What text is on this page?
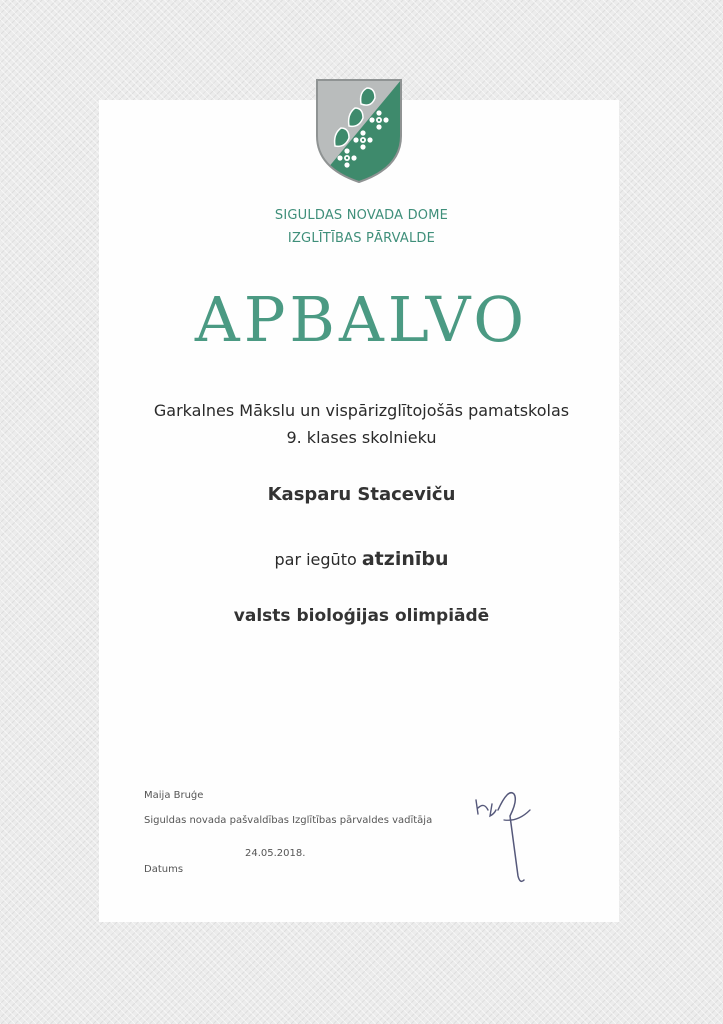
SIGULDAS NOVADA DOME
IZGLĪTĪBAS PĀRVALDE
APBALVO
Garkalnes Mākslu un vispārizglītojošās pamatskolas
9. klases skolnieku
Kasparu Staceviču
par iegūto atzinību
valsts bioloģijas olimpiādē
Maija Bruģe
Siguldas novada pašvaldības Izglītības pārvaldes vadītāja
24.05.2018.
Datums
